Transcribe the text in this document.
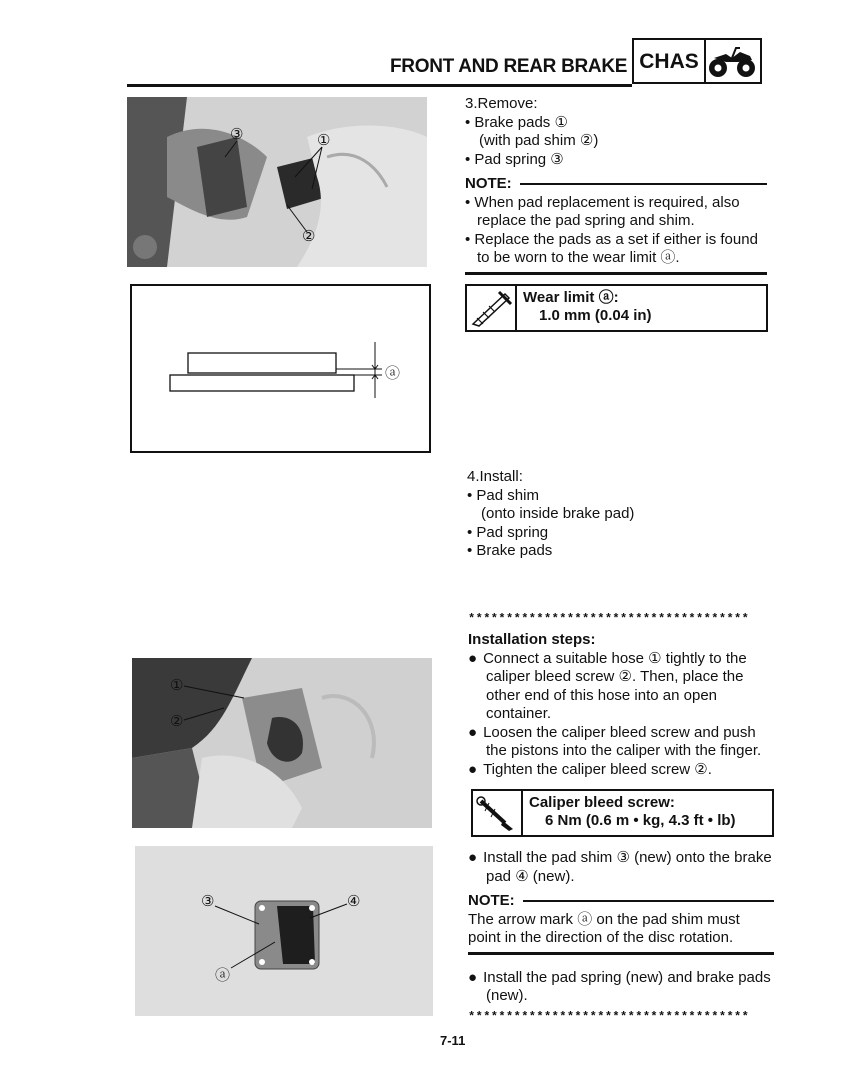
FRONT AND REAR BRAKE CHAS
③	①
②
ⓐ

3.Remove:

• Brake pads ①

(with pad shim ②)

• Pad spring ③

NOTE:

• When pad replacement is required, also replace the pad spring and shim.

• Replace the pads as a set if either is found to be worn to the wear limit ⓐ.

Wear limit ⓐ:
1.0 mm (0.04 in)

4.Install:

• Pad shim

(onto inside brake pad)

• Pad spring

• Brake pads

*************************************

Installation steps:

● Connect a suitable hose ① tightly to the caliper bleed screw ②. Then, place the other end of this hose into an open container.

● Loosen the caliper bleed screw and push the pistons into the caliper with the finger.

● Tighten the caliper bleed screw ②.

Caliper bleed screw:
6 Nm (0.6 m • kg, 4.3 ft • lb)

● Install the pad shim ③ (new) onto the brake pad ④ (new).

NOTE:

The arrow mark ⓐ on the pad shim must point in the direction of the disc rotation.

● Install the pad spring (new) and brake pads (new).

*************************************
①
②
③	④
ⓐ
7-11
